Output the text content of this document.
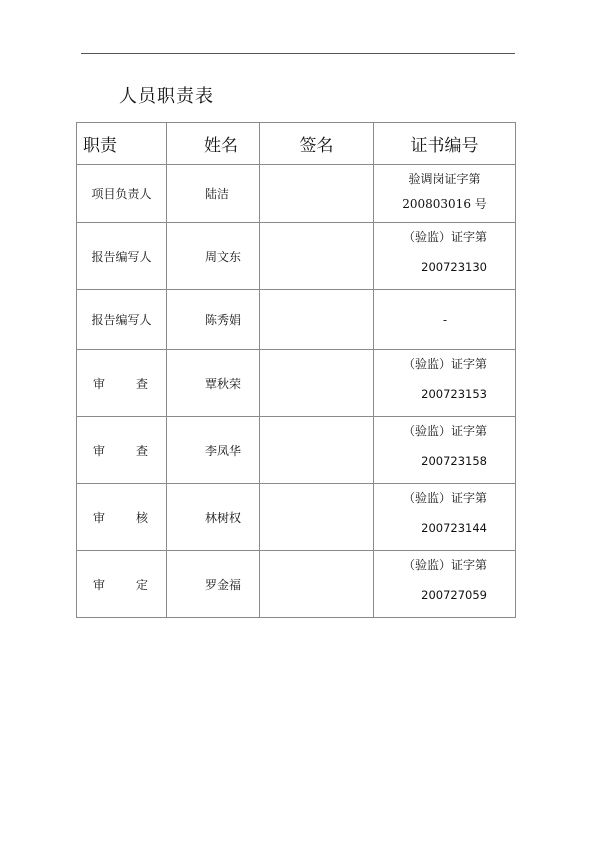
人员职责表
职责	姓名	签名	证书编号
项目负责人	陆洁		验调岗证字第
200803016 号

报告编写人	周文东		（验监）证字第
200723130

报告编写人	陈秀娟		-

审 查	覃秋荣		（验监）证字第
200723153

审 查	李凤华		（验监）证字第
200723158

审 核	林树权		（验监）证字第
200723144

审 定	罗金福		（验监）证字第
200727059
